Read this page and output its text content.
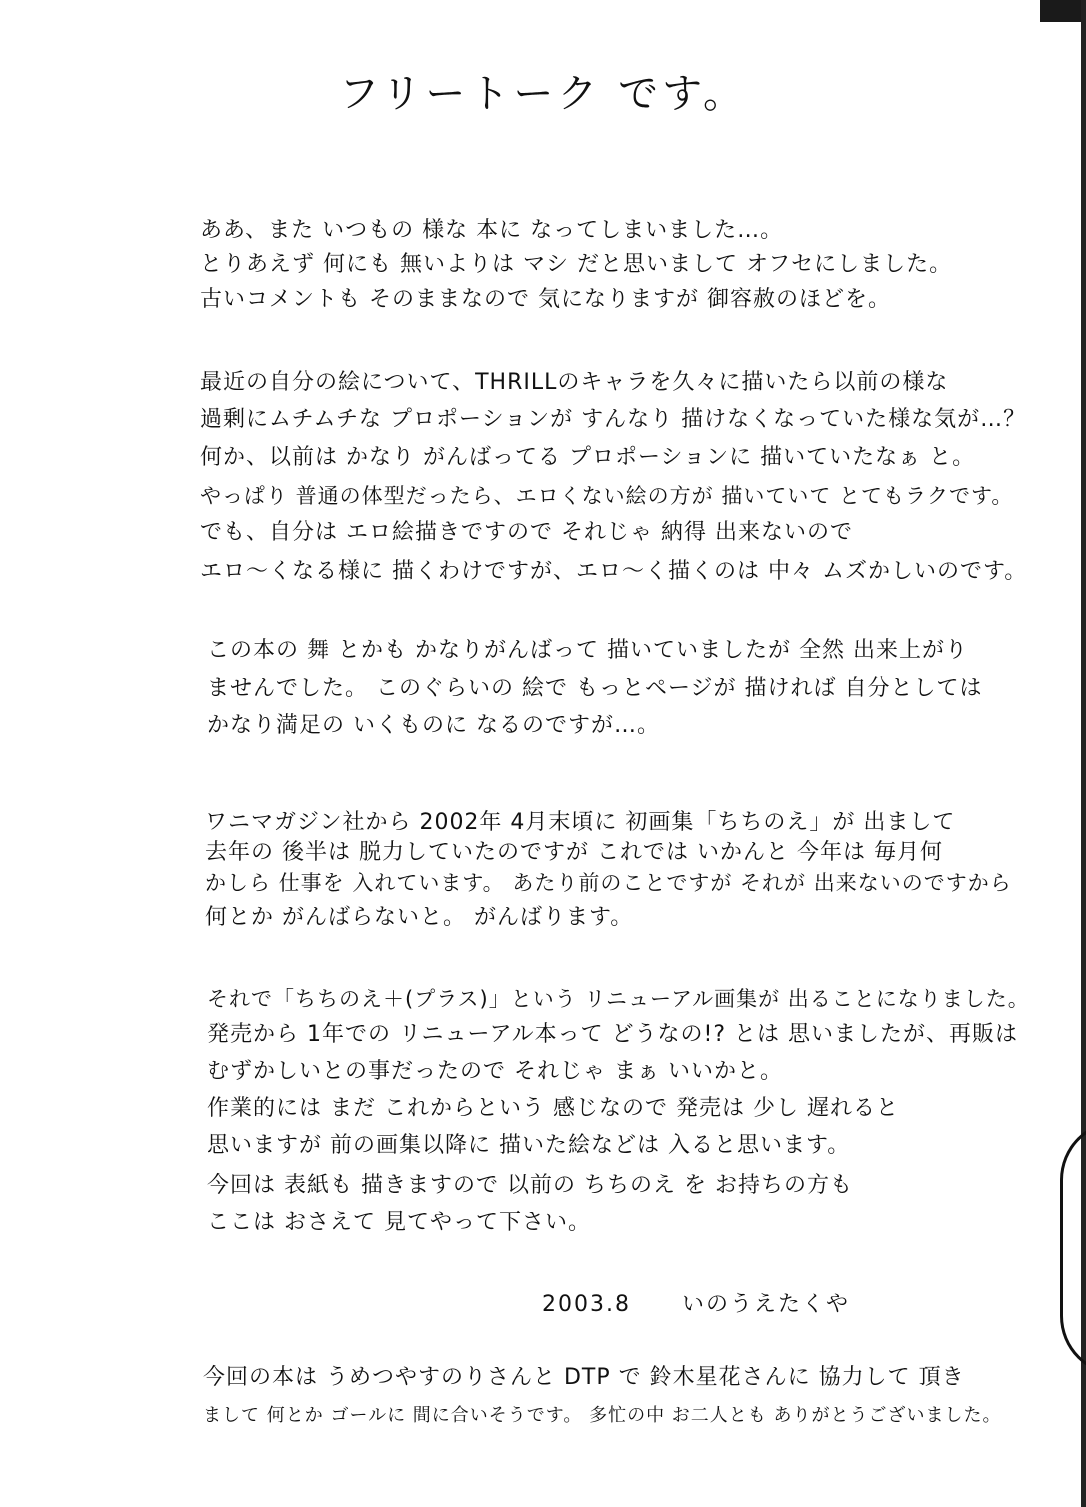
フリートーク です。
ああ、また いつもの 様な 本に なってしまいました…。
とりあえず 何にも 無いよりは マシ だと思いまして オフセにしました。
古いコメントも そのままなので 気になりますが 御容赦のほどを。
最近の自分の絵について、THRILLのキャラを久々に描いたら以前の様な
過剰にムチムチな プロポーションが すんなり 描けなくなっていた様な気が…？
何か、以前は かなり がんばってる プロポーションに 描いていたなぁ と。
やっぱり 普通の体型だったら、エロくない絵の方が 描いていて とてもラクです。
でも、自分は エロ絵描きですので それじゃ 納得 出来ないので
エロ～くなる様に 描くわけですが、エロ～く描くのは 中々 ムズかしいのです。
この本の 舞 とかも かなりがんばって 描いていましたが 全然 出来上がり
ませんでした。 このぐらいの 絵で もっとページが 描ければ 自分としては
かなり満足の いくものに なるのですが…。
ワニマガジン社から 2002年 4月末頃に 初画集「ちちのえ」が 出まして
去年の 後半は 脱力していたのですが これでは いかんと 今年は 毎月何
かしら 仕事を 入れています。 あたり前のことですが それが 出来ないのですから
何とか がんばらないと。 がんばります。
それで「ちちのえ＋(プラス)」という リニューアル画集が 出ることになりました。
発売から 1年での リニューアル本って どうなの!? とは 思いましたが、再販は
むずかしいとの事だったので それじゃ まぁ いいかと。
作業的には まだ これからという 感じなので 発売は 少し 遅れると
思いますが 前の画集以降に 描いた絵などは 入ると思います。
今回は 表紙も 描きますので 以前の ちちのえ を お持ちの方も
ここは おさえて 見てやって下さい。
2003.8 いのうえたくや
今回の本は うめつやすのりさんと DTP で 鈴木星花さんに 協力して 頂き
まして 何とか ゴールに 間に合いそうです。 多忙の中 お二人とも ありがとうございました。
